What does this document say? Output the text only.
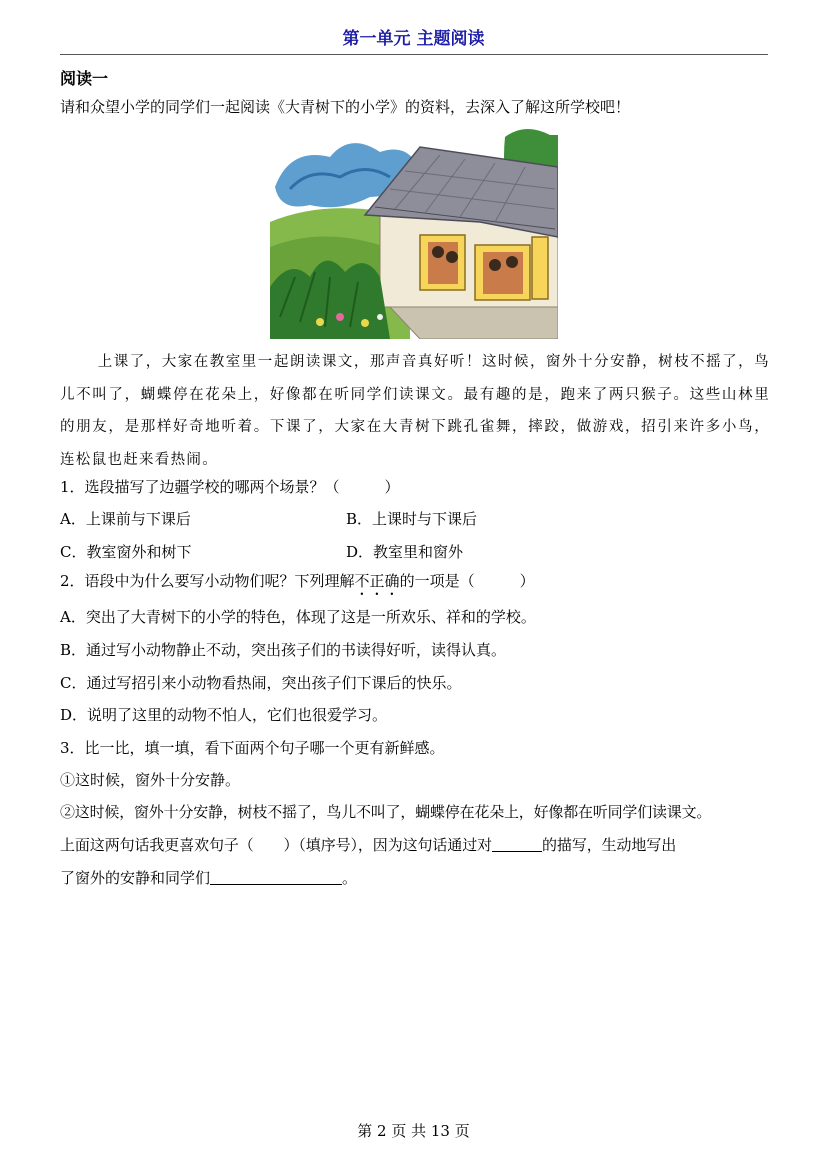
第一单元 主题阅读
阅读一
请和众望小学的同学们一起阅读《大青树下的小学》的资料，去深入了解这所学校吧！

上课了，大家在教室里一起朗读课文，那声音真好听！这时候，窗外十分安静，树枝不摇了，鸟儿不叫了，蝴蝶停在花朵上，好像都在听同学们读课文。最有趣的是，跑来了两只猴子。这些山林里的朋友，是那样好奇地听着。下课了，大家在大青树下跳孔雀舞，摔跤，做游戏，招引来许多小鸟，连松鼠也赶来看热闹。

1．选段描写了边疆学校的哪两个场景？（　　　）
A．上课前与下课后	B．上课时与下课后
C．教室窗外和树下	D．教室里和窗外
2．语段中为什么要写小动物们呢？下列理解不正确的一项是（　　　）
A．突出了大青树下的小学的特色，体现了这是一所欢乐、祥和的学校。
B．通过写小动物静止不动，突出孩子们的书读得好听，读得认真。
C．通过写招引来小动物看热闹，突出孩子们下课后的快乐。
D．说明了这里的动物不怕人，它们也很爱学习。
3．比一比，填一填，看下面两个句子哪一个更有新鲜感。
①这时候，窗外十分安静。
②这时候，窗外十分安静，树枝不摇了，鸟儿不叫了，蝴蝶停在花朵上，好像都在听同学们读课文。
上面这两句话我更喜欢句子（　　）（填序号），因为这句话通过对	的描写，生动地写出
了窗外的安静和同学们	。
第 2 页 共 13 页
